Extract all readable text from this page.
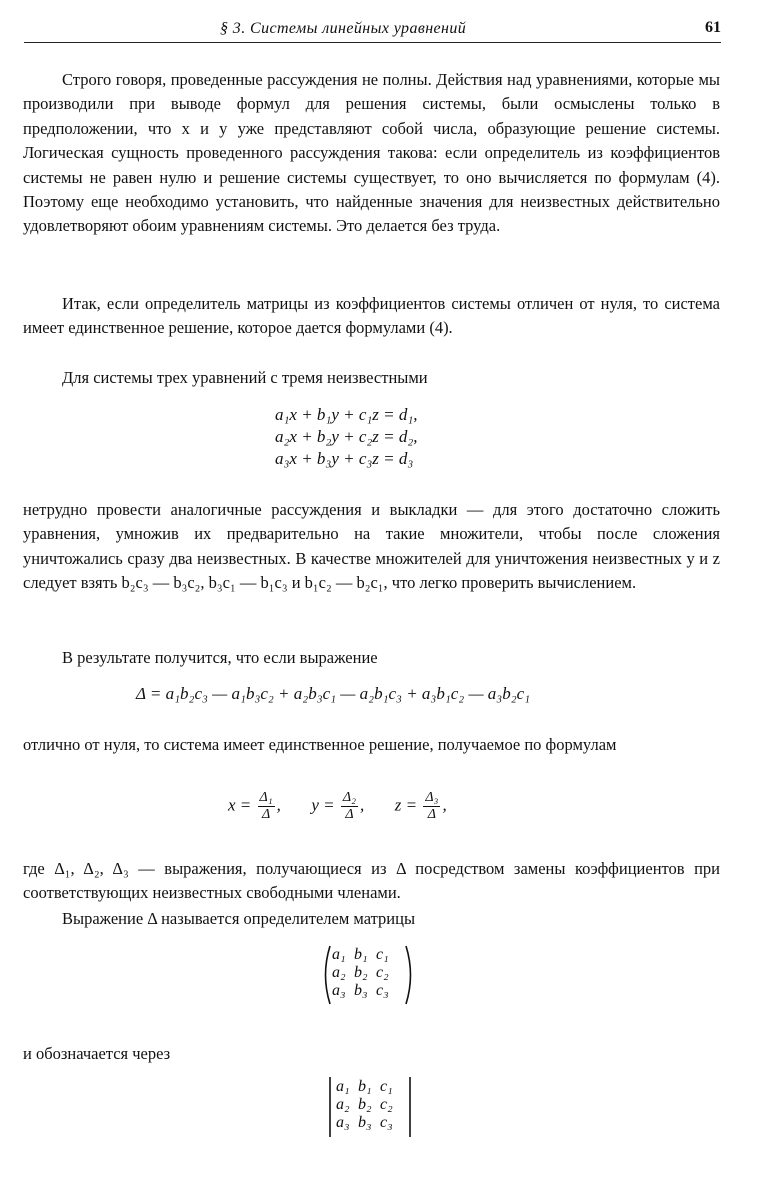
§ 3. Системы линейных уравнений	61

Строго говоря, проведенные рассуждения не полны. Действия над уравнениями, которые мы производили при выводе формул для решения системы, были осмыслены только в предположении, что x и y уже представляют собой числа, образующие решение системы. Логическая сущность проведенного рассуждения такова: если определитель из коэффициентов системы не равен нулю и решение системы существует, то оно вычисляется по формулам (4). Поэтому еще необходимо установить, что найденные значения для неизвестных действительно удовлетворяют обоим уравнениям системы. Это делается без труда.

Итак, если определитель матрицы из коэффициентов системы отличен от нуля, то система имеет единственное решение, которое дается формулами (4).

Для системы трех уравнений с тремя неизвестными

a₁x + b₁y + c₁z = d₁,
a₂x + b₂y + c₂z = d₂,
a₃x + b₃y + c₃z = d₃

нетрудно провести аналогичные рассуждения и выкладки — для этого достаточно сложить уравнения, умножив их предварительно на такие множители, чтобы после сложения уничтожались сразу два неизвестных. В качестве множителей для уничтожения неизвестных y и z следует взять b₂c₃ — b₃c₂, b₃c₁ — b₁c₃ и b₁c₂ — b₂c₁, что легко проверить вычислением.

В результате получится, что если выражение

Δ = a₁b₂c₃ — a₁b₃c₂ + a₂b₃c₁ — a₂b₁c₃ + a₃b₁c₂ — a₃b₂c₁

отлично от нуля, то система имеет единственное решение, получаемое по формулам

$x = \frac{\text{Δ₁}}{\Delta}$ , $y = \frac{\text{Δ₂}}{\Delta}$ , $z = \frac{\text{Δ₃}}{\Delta}$ ,

где Δ₁, Δ₂, Δ₃ — выражения, получающиеся из Δ посредством замены коэффициентов при соответствующих неизвестных свободными членами.

Выражение Δ называется определителем матрицы

a₁ b₁ c₁
a₂ b₂ c₂
a₃ b₃ c₃

и обозначается через

a₁ b₁ c₁
a₂ b₂ c₂
a₃ b₃ c₃
